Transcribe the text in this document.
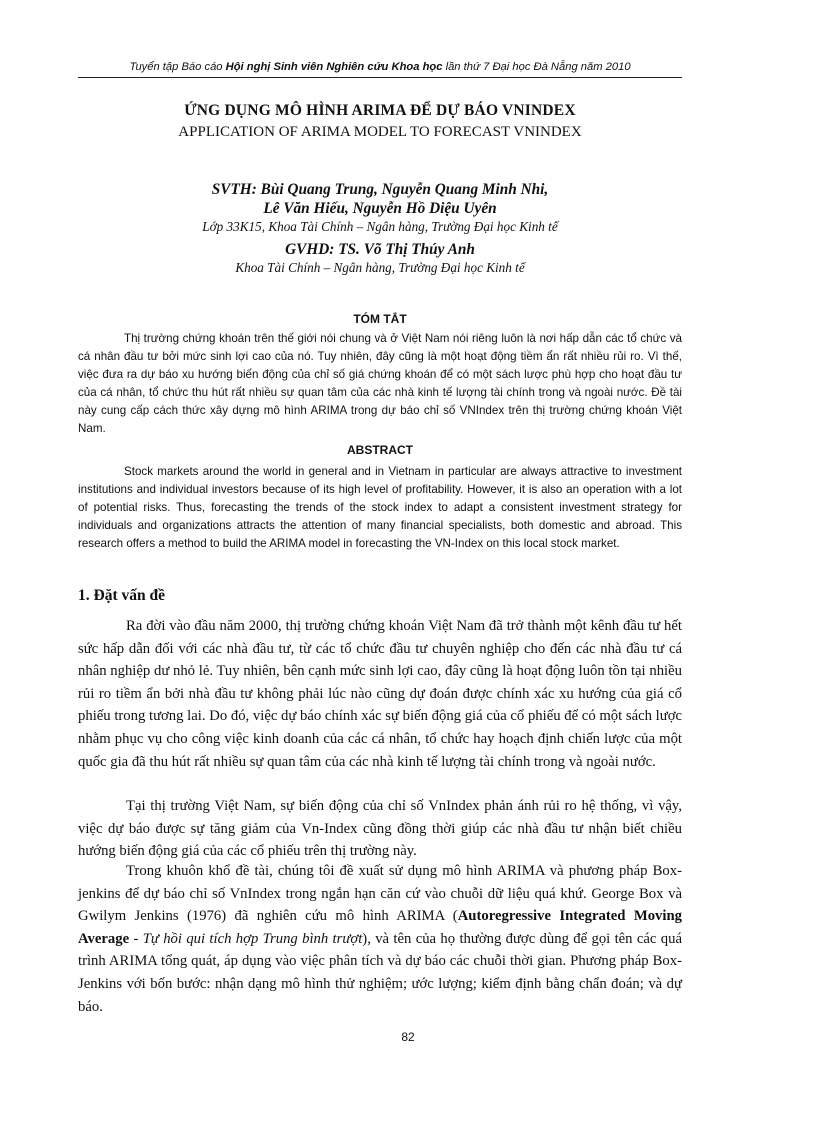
Tuyển tập Báo cáo Hội nghị Sinh viên Nghiên cứu Khoa học lần thứ 7 Đại học Đà Nẵng năm 2010
ỨNG DỤNG MÔ HÌNH ARIMA ĐỂ DỰ BÁO VNINDEX
APPLICATION OF ARIMA MODEL TO FORECAST VNINDEX
SVTH: Bùi Quang Trung, Nguyễn Quang Minh Nhi,
Lê Văn Hiếu, Nguyễn Hồ Diệu Uyên
Lớp 33K15, Khoa Tài Chính – Ngân hàng, Trường Đại học Kinh tế
GVHD: TS. Võ Thị Thúy Anh
Khoa Tài Chính – Ngân hàng, Trường Đại học Kinh tế
TÓM TẮT

Thị trường chứng khoán trên thế giới nói chung và ở Việt Nam nói riêng luôn là nơi hấp dẫn các tổ chức và cá nhân đầu tư bởi mức sinh lợi cao của nó. Tuy nhiên, đây cũng là một hoạt động tiềm ẩn rất nhiều rủi ro. Vì thế, việc đưa ra dự báo xu hướng biến động của chỉ số giá chứng khoán để có một sách lược phù hợp cho hoạt đầu tư của cá nhân, tổ chức thu hút rất nhiều sự quan tâm của các nhà kinh tế lượng tài chính trong và ngoài nước. Đề tài này cung cấp cách thức xây dựng mô hình ARIMA trong dự báo chỉ số VNIndex trên thị trường chứng khoán Việt Nam.

ABSTRACT

Stock markets around the world in general and in Vietnam in particular are always attractive to investment institutions and individual investors because of its high level of profitability. However, it is also an operation with a lot of potential risks. Thus, forecasting the trends of the stock index to adapt a consistent investment strategy for individuals and organizations attracts the attention of many financial specialists, both domestic and abroad. This research offers a method to build the ARIMA model in forecasting the VN-Index on this local stock market.

1. Đặt vấn đề

Ra đời vào đầu năm 2000, thị trường chứng khoán Việt Nam đã trở thành một kênh đầu tư hết sức hấp dẫn đối với các nhà đầu tư, từ các tổ chức đầu tư chuyên nghiệp cho đến các nhà đầu tư cá nhân nghiệp dư nhỏ lẻ. Tuy nhiên, bên cạnh mức sinh lợi cao, đây cũng là hoạt động luôn tồn tại nhiều rủi ro tiềm ẩn bởi nhà đầu tư không phải lúc nào cũng dự đoán được chính xác xu hướng của giá cổ phiếu trong tương lai. Do đó, việc dự báo chính xác sự biến động giá của cổ phiếu để có một sách lược nhằm phục vụ cho công việc kinh doanh của các cá nhân, tổ chức hay hoạch định chiến lược của một quốc gia đã thu hút rất nhiều sự quan tâm của các nhà kinh tế lượng tài chính trong và ngoài nước.

Tại thị trường Việt Nam, sự biến động của chỉ số VnIndex phản ánh rủi ro hệ thống, vì vậy, việc dự báo được sự tăng giảm của Vn-Index cũng đồng thời giúp các nhà đầu tư nhận biết chiều hướng biến động giá của các cổ phiếu trên thị trường này.

Trong khuôn khổ đề tài, chúng tôi đề xuất sử dụng mô hình ARIMA và phương pháp Box-jenkins để dự báo chỉ số VnIndex trong ngắn hạn căn cứ vào chuỗi dữ liệu quá khứ. George Box và Gwilym Jenkins (1976) đã nghiên cứu mô hình ARIMA (Autoregressive Integrated Moving Average - Tự hồi qui tích hợp Trung bình trượt), và tên của họ thường được dùng để gọi tên các quá trình ARIMA tổng quát, áp dụng vào việc phân tích và dự báo các chuỗi thời gian. Phương pháp Box-Jenkins với bốn bước: nhận dạng mô hình thử nghiệm; ước lượng; kiểm định bằng chẩn đoán; và dự báo.

82
